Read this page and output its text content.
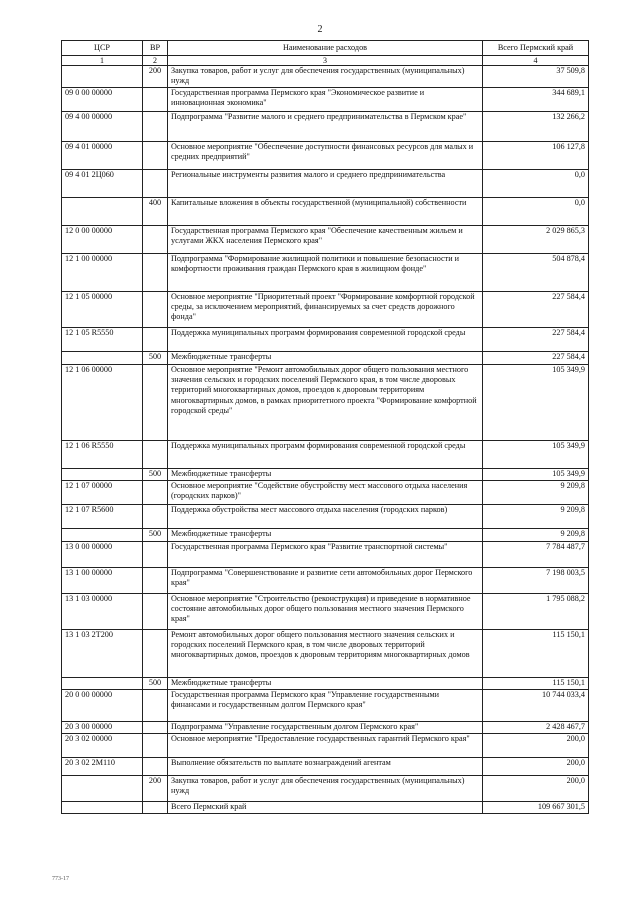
2
ЦСР	ВР	Наименование расходов	Всего Пермский край
1	2	3	4
	200	Закупка товаров, работ и услуг для обеспечения государственных (муниципальных) нужд	37 509,8
09 0 00 00000		Государственная программа Пермского края "Экономическое развитие и инновационная экономика"	344 689,1
09 4 00 00000		Подпрограмма "Развитие малого и среднего предпринимательства в Пермском крае"	132 266,2
09 4 01 00000		Основное мероприятие "Обеспечение доступности финансовых ресурсов для малых и средних предприятий"	106 127,8
09 4 01 2Ц060		Региональные инструменты развития малого и среднего предпринимательства	0,0
	400	Капитальные вложения в объекты государственной (муниципальной) собственности	0,0
12 0 00 00000		Государственная программа Пермского края "Обеспечение качественным жильем и услугами ЖКХ населения Пермского края"	2 029 865,3
12 1 00 00000		Подпрограмма "Формирование жилищной политики и повышение безопасности и комфортности проживания граждан Пермского края в жилищном фонде"	504 878,4
12 1 05 00000		Основное мероприятие "Приоритетный проект "Формирование комфортной городской среды, за исключением мероприятий, финансируемых за счет средств дорожного фонда"	227 584,4
12 1 05 R5550		Поддержка муниципальных программ формирования современной городской среды	227 584,4
	500	Межбюджетные трансферты	227 584,4
12 1 06 00000		Основное мероприятие "Ремонт автомобильных дорог общего пользования местного значения сельских и городских поселений Пермского края, в том числе дворовых территорий многоквартирных домов, проездов к дворовым территориям многоквартирных домов, в рамках приоритетного проекта "Формирование комфортной городской среды"	105 349,9
12 1 06 R5550		Поддержка муниципальных программ формирования современной городской среды	105 349,9
	500	Межбюджетные трансферты	105 349,9
12 1 07 00000		Основное мероприятие "Содействие обустройству мест массового отдыха населения (городских парков)"	9 209,8
12 1 07 R5600		Поддержка обустройства мест массового отдыха населения (городских парков)	9 209,8
	500	Межбюджетные трансферты	9 209,8
13 0 00 00000		Государственная программа Пермского края "Развитие транспортной системы"	7 784 487,7
13 1 00 00000		Подпрограмма "Совершенствование и развитие сети автомобильных дорог Пермского края"	7 198 003,5
13 1 03 00000		Основное мероприятие "Строительство (реконструкция) и приведение в нормативное состояние автомобильных дорог общего пользования местного значения Пермского края"	1 795 088,2
13 1 03 2T200		Ремонт автомобильных дорог общего пользования местного значения сельских и городских поселений Пермского края, в том числе дворовых территорий многоквартирных домов, проездов к дворовым территориям многоквартирных домов	115 150,1
	500	Межбюджетные трансферты	115 150,1
20 0 00 00000		Государственная программа Пермского края "Управление государственными финансами и государственным долгом Пермского края"	10 744 033,4
20 3 00 00000		Подпрограмма "Управление государственным долгом Пермского края"	2 428 467,7
20 3 02 00000		Основное мероприятие "Предоставление государственных гарантий Пермского края"	200,0
20 3 02 2M110		Выполнение обязательств по выплате вознаграждений агентам	200,0
	200	Закупка товаров, работ и услуг для обеспечения государственных (муниципальных) нужд	200,0
		Всего Пермский край	109 667 301,5
773-17
